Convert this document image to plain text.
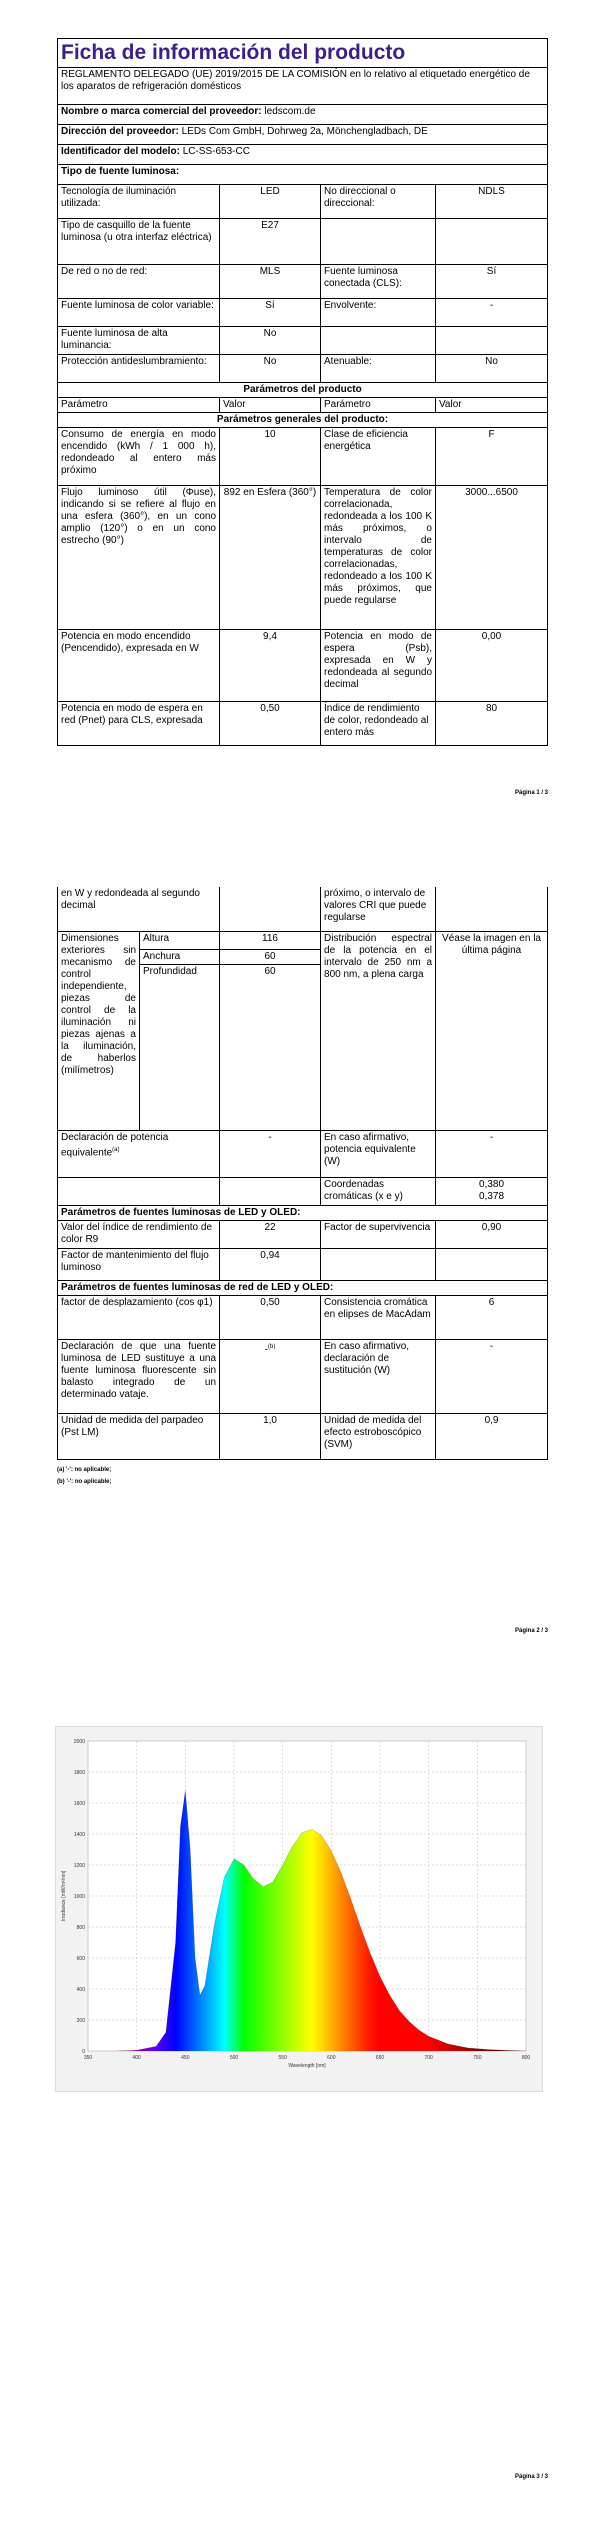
Ficha de información del producto			
REGLAMENTO DELEGADO (UE) 2019/2015 DE LA COMISIÓN en lo relativo al etiquetado energético de los aparatos de refrigeración domésticos			
Nombre o marca comercial del proveedor: ledscom.de			
Dirección del proveedor: LEDs Com GmbH, Dohrweg 2a, Mönchengladbach, DE			
Identificador del modelo: LC-SS-653-CC			
Tipo de fuente luminosa:			
Tecnología de iluminación utilizada:	LED	No direccional o direccional:	NDLS
Tipo de casquillo de la fuente luminosa (u otra interfaz eléctrica)	E27		
De red o no de red:	MLS	Fuente luminosa conectada (CLS):	Sí
Fuente luminosa de color variable:	Sí	Envolvente:	-
Fuente luminosa de alta luminancia:	No		
Protección antideslumbramiento:	No	Atenuable:	No
Parámetros del producto			
Parámetro	Valor	Parámetro	Valor
Parámetros generales del producto:			
Consumo de energía en modo encendido (kWh / 1 000 h), redondeado al entero más próximo	10	Clase de eficiencia energética	F
Flujo luminoso útil (Φuse), indicando si se refiere al flujo en una esfera (360°), en un cono amplio (120°) o en un cono estrecho (90°)	892 en Esfera (360°)	Temperatura de color correlacionada, redondeada a los 100 K más próximos, o intervalo de temperaturas de color correlacionadas, redondeado a los 100 K más próximos, que puede regularse	3000...6500
Potencia en modo encendido (Pencendido), expresada en W	9,4	Potencia en modo de espera (Psb), expresada en W y redondeada al segundo decimal	0,00
Potencia en modo de espera en red (Pnet) para CLS, expresada	0,50	Índice de rendimiento de color, redondeado al entero más	80
Página 1 / 3
en W y redondeada al segundo decimal			próximo, o intervalo de valores CRI que puede regularse	
Dimensiones exteriores sin mecanismo de control independiente, piezas de control de la iluminación ni piezas ajenas a la iluminación, de haberlos (milímetros)	Altura	116	Distribución espectral de la potencia en el intervalo de 250 nm a 800 nm, a plena carga	Véase la imagen en la última página
	Anchura	60		
	Profundidad	60		
Declaración de potencia equivalente$^{(a)}$		-	En caso afirmativo, potencia equivalente (W)	-
			Coordenadas cromáticas (x e y)	0,380
0,378

Parámetros de fuentes luminosas de LED y OLED:				
Valor del índice de rendimiento de color R9		22	Factor de supervivencia	0,90
Factor de mantenimiento del flujo luminoso		0,94		
Parámetros de fuentes luminosas de red de LED y OLED:				
factor de desplazamiento (cos φ1)		0,50	Consistencia cromática en elipses de MacAdam	6
Declaración de que una fuente luminosa de LED sustituye a una fuente luminosa fluorescente sin balasto integrado de un determinado vataje.		-$^{(b)}$	En caso afirmativo, declaración de sustitución (W)	-
Unidad de medida del parpadeo (Pst LM)		1,0	Unidad de medida del efecto estroboscópico (SVM)	0,9
(a) '-': no aplicable;
(b) '-': no aplicable;
Página 2 / 3
350	400	450	500	550	600	650	700	750	800
0
200
400
600
800
1000
1200
1400
1600
1800
2000
Wavelength [nm]
Irradiance [mW/m²/nm]
Página 3 / 3
